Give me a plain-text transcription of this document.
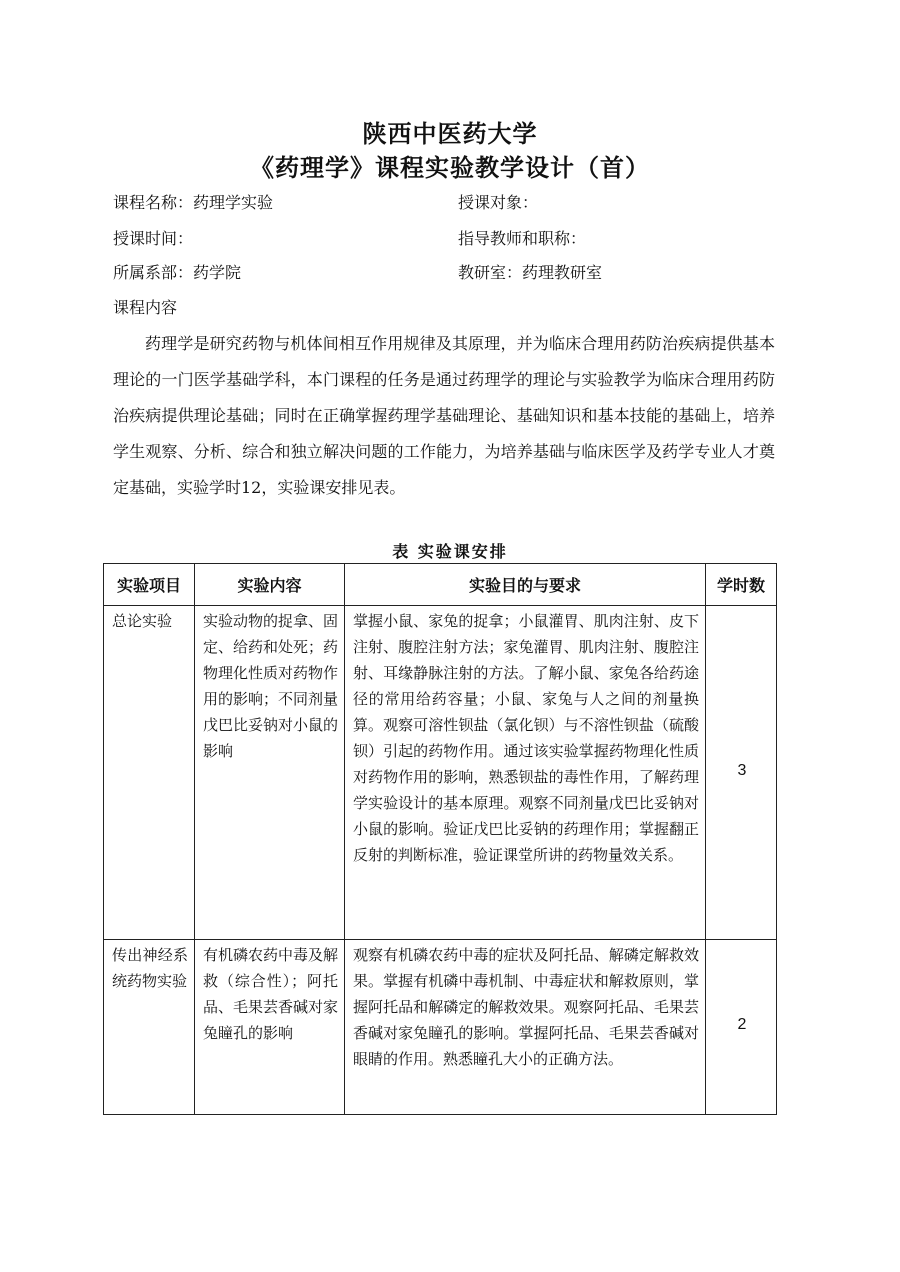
陕西中医药大学
《药理学》课程实验教学设计（首）
课程名称：药理学实验	授课对象：
授课时间：	指导教师和职称：
所属系部：药学院	教研室：药理教研室
课程内容

药理学是研究药物与机体间相互作用规律及其原理，并为临床合理用药防治疾病提供基本理论的一门医学基础学科，本门课程的任务是通过药理学的理论与实验教学为临床合理用药防治疾病提供理论基础；同时在正确掌握药理学基础理论、基础知识和基本技能的基础上，培养学生观察、分析、综合和独立解决问题的工作能力，为培养基础与临床医学及药学专业人才奠定基础，实验学时12，实验课安排见表。

表 实验课安排
实验项目	实验内容	实验目的与要求	学时数
总论实验	实验动物的捉拿、固定、给药和处死；药物理化性质对药物作用的影响；不同剂量戊巴比妥钠对小鼠的影响	掌握小鼠、家兔的捉拿；小鼠灌胃、肌肉注射、皮下注射、腹腔注射方法；家兔灌胃、肌肉注射、腹腔注射、耳缘静脉注射的方法。了解小鼠、家兔各给药途径的常用给药容量；小鼠、家兔与人之间的剂量换算。观察可溶性钡盐（氯化钡）与不溶性钡盐（硫酸钡）引起的药物作用。通过该实验掌握药物理化性质对药物作用的影响，熟悉钡盐的毒性作用，了解药理学实验设计的基本原理。观察不同剂量戊巴比妥钠对小鼠的影响。验证戊巴比妥钠的药理作用；掌握翻正反射的判断标准，验证课堂所讲的药物量效关系。	3
传出神经系统药物实验	有机磷农药中毒及解救（综合性）；阿托品、毛果芸香碱对家兔瞳孔的影响	观察有机磷农药中毒的症状及阿托品、解磷定解救效果。掌握有机磷中毒机制、中毒症状和解救原则，掌握阿托品和解磷定的解救效果。观察阿托品、毛果芸香碱对家兔瞳孔的影响。掌握阿托品、毛果芸香碱对眼睛的作用。熟悉瞳孔大小的正确方法。	2
